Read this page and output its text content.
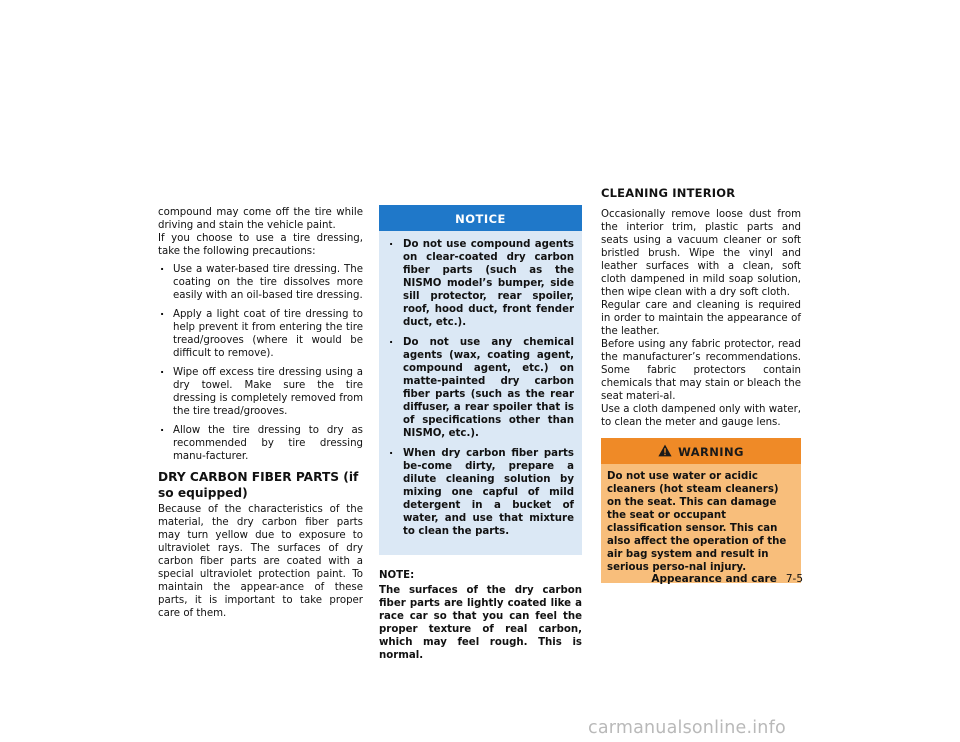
compound may come off the tire while driving and stain the vehicle paint.

If you choose to use a tire dressing, take the following precautions:

. Use a water-based tire dressing. The coating on the tire dissolves more easily with an oil-based tire dressing.
. Apply a light coat of tire dressing to help prevent it from entering the tire tread/grooves (where it would be difficult to remove).
. Wipe off excess tire dressing using a dry towel. Make sure the tire dressing is completely removed from the tire tread/grooves.
. Allow the tire dressing to dry as recommended by tire dressing manu-facturer.
DRY CARBON FIBER PARTS (if so equipped)

Because of the characteristics of the material, the dry carbon fiber parts may turn yellow due to exposure to ultraviolet rays. The surfaces of dry carbon fiber parts are coated with a special ultraviolet protection paint. To maintain the appear-ance of these parts, it is important to take proper care of them.

NOTICE
. Do not use compound agents on clear-coated dry carbon fiber parts (such as the NISMO model’s bumper, side sill protector, rear spoiler, roof, hood duct, front fender duct, etc.).
. Do not use any chemical agents (wax, coating agent, compound agent, etc.) on matte-painted dry carbon fiber parts (such as the rear diffuser, a rear spoiler that is of specifications other than NISMO, etc.).
. When dry carbon fiber parts be-come dirty, prepare a dilute cleaning solution by mixing one capful of mild detergent in a bucket of water, and use that mixture to clean the parts.

NOTE:

The surfaces of the dry carbon fiber parts are lightly coated like a race car so that you can feel the proper texture of real carbon, which may feel rough. This is normal.

CLEANING INTERIOR

Occasionally remove loose dust from the interior trim, plastic parts and seats using a vacuum cleaner or soft bristled brush. Wipe the vinyl and leather surfaces with a clean, soft cloth dampened in mild soap solution, then wipe clean with a dry soft cloth.

Regular care and cleaning is required in order to maintain the appearance of the leather.

Before using any fabric protector, read the manufacturer’s recommendations. Some fabric protectors contain chemicals that may stain or bleach the seat materi-al.

Use a cloth dampened only with water, to clean the meter and gauge lens.

WARNING

Do not use water or acidic cleaners (hot steam cleaners) on the seat. This can damage the seat or occupant classification sensor. This can also affect the operation of the air bag system and result in serious perso-nal injury.

Appearance and care 7-5
carmanualsonline.info
